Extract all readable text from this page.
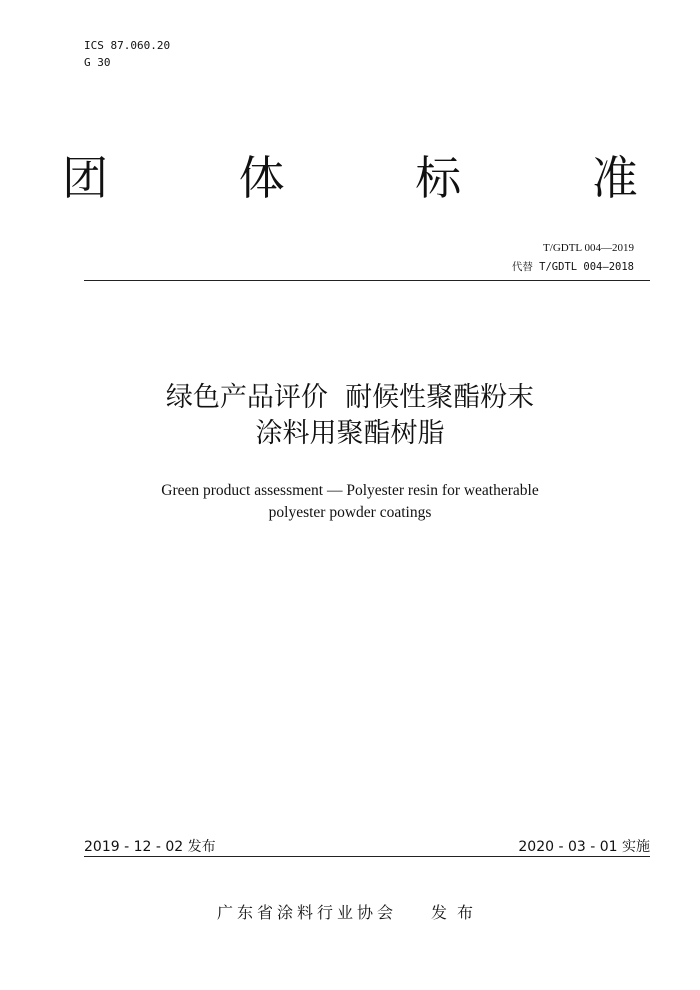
ICS 87.060.20
G 30
团 体 标 准
T/GDTL 004—2019
代替 T/GDTL 004—2018
绿色产品评价  耐候性聚酯粉末
涂料用聚酯树脂
Green product assessment — Polyester resin for weatherable
polyester powder coatings
2019 - 12 - 02 发布	2020 - 03 - 01 实施
广东省涂料行业协会 发布
